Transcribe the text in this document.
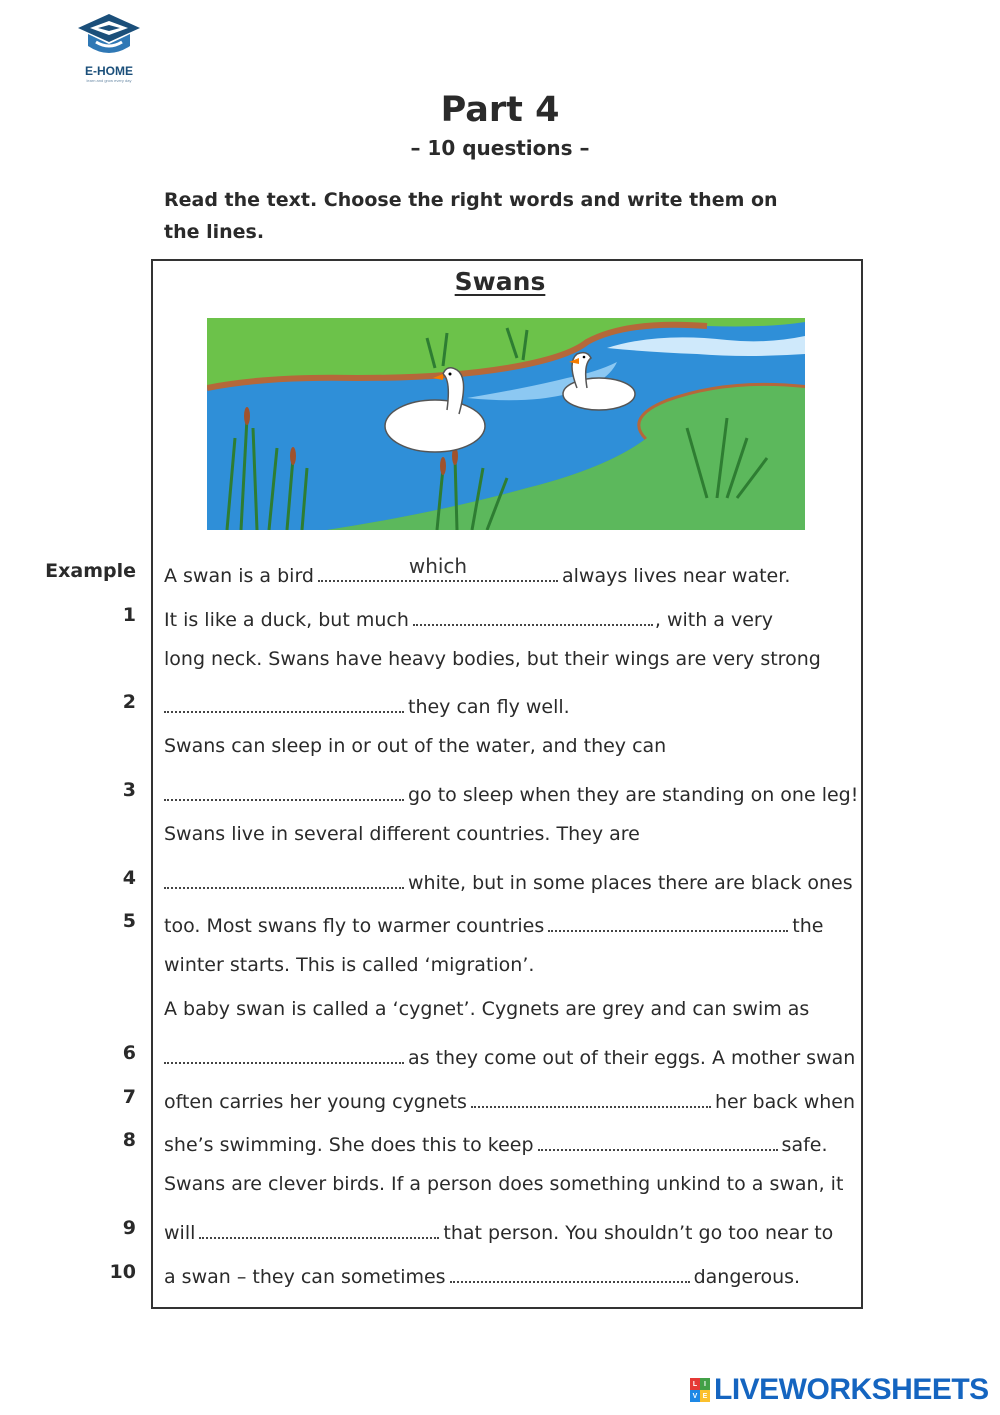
E-HOME
learn and grow every day
Part 4
– 10 questions –
Read the text. Choose the right words and write them on the lines.
Swans
Example A swan is a bird	which	always lives near water.
1 It is like a duck, but much	, with a very
long neck. Swans have heavy bodies, but their wings are very strong
2	they can fly well.
Swans can sleep in or out of the water, and they can
3	go to sleep when they are standing on one leg!
Swans live in several different countries. They are
4	white, but in some places there are black ones
5 too. Most swans fly to warmer countries	the
winter starts. This is called ‘migration’.
A baby swan is called a ‘cygnet’. Cygnets are grey and can swim as
6	as they come out of their eggs. A mother swan
7 often carries her young cygnets	her back when
8 she’s swimming. She does this to keep	safe.
Swans are clever birds. If a person does something unkind to a swan, it
9 will	that person. You shouldn’t go too near to
10 a swan – they can sometimes	dangerous.
L I
V E LIVEWORKSHEETS
